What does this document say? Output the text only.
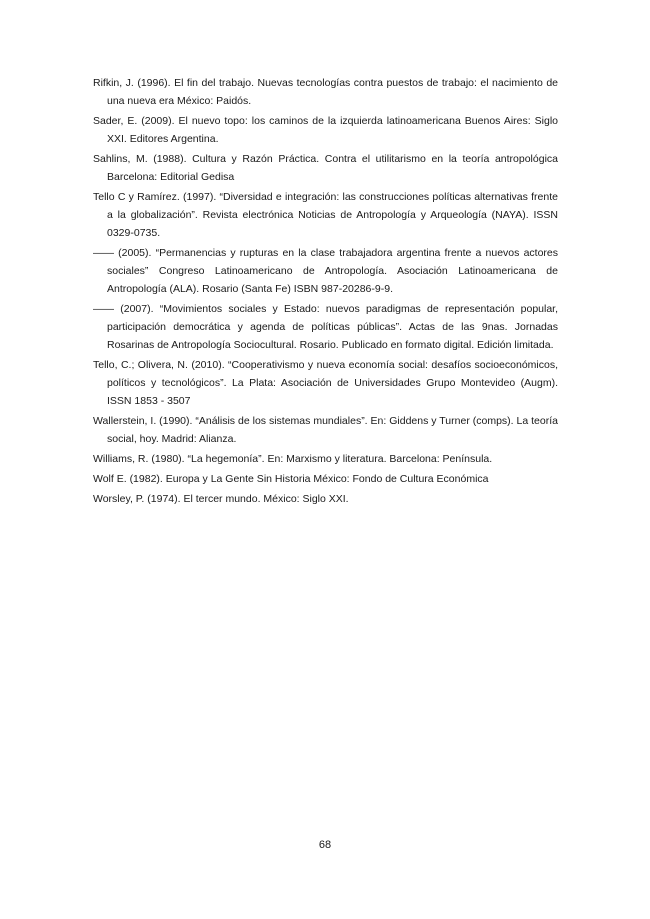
Rifkin, J. (1996). El fin del trabajo. Nuevas tecnologías contra puestos de trabajo: el nacimiento de una nueva era México: Paidós.

Sader, E. (2009). El nuevo topo: los caminos de la izquierda latinoamericana Buenos Aires: Siglo XXI. Editores Argentina.

Sahlins, M. (1988). Cultura y Razón Práctica. Contra el utilitarismo en la teoría antropológica Barcelona: Editorial Gedisa

Tello C y Ramírez. (1997). “Diversidad e integración: las construcciones políticas alternativas frente a la globalización”. Revista electrónica Noticias de Antropología y Arqueología (NAYA). ISSN 0329-0735.

—— (2005). “Permanencias y rupturas en la clase trabajadora argentina frente a nuevos actores sociales” Congreso Latinoamericano de Antropología. Asociación Latinoamericana de Antropología (ALA). Rosario (Santa Fe) ISBN 987-20286-9-9.

—— (2007). “Movimientos sociales y Estado: nuevos paradigmas de representación popular, participación democrática y agenda de políticas públicas”. Actas de las 9nas. Jornadas Rosarinas de Antropología Sociocultural. Rosario. Publicado en formato digital. Edición limitada.

Tello, C.; Olivera, N. (2010). “Cooperativismo y nueva economía social: desafíos socioeconómicos, políticos y tecnológicos”. La Plata: Asociación de Universidades Grupo Montevideo (Augm). ISSN 1853 - 3507

Wallerstein, I. (1990). “Análisis de los sistemas mundiales”. En: Giddens y Turner (comps). La teoría social, hoy. Madrid: Alianza.

Williams, R. (1980). “La hegemonía”. En: Marxismo y literatura. Barcelona: Península.

Wolf E. (1982). Europa y La Gente Sin Historia México: Fondo de Cultura Económica

Worsley, P. (1974). El tercer mundo. México: Siglo XXI.

68
